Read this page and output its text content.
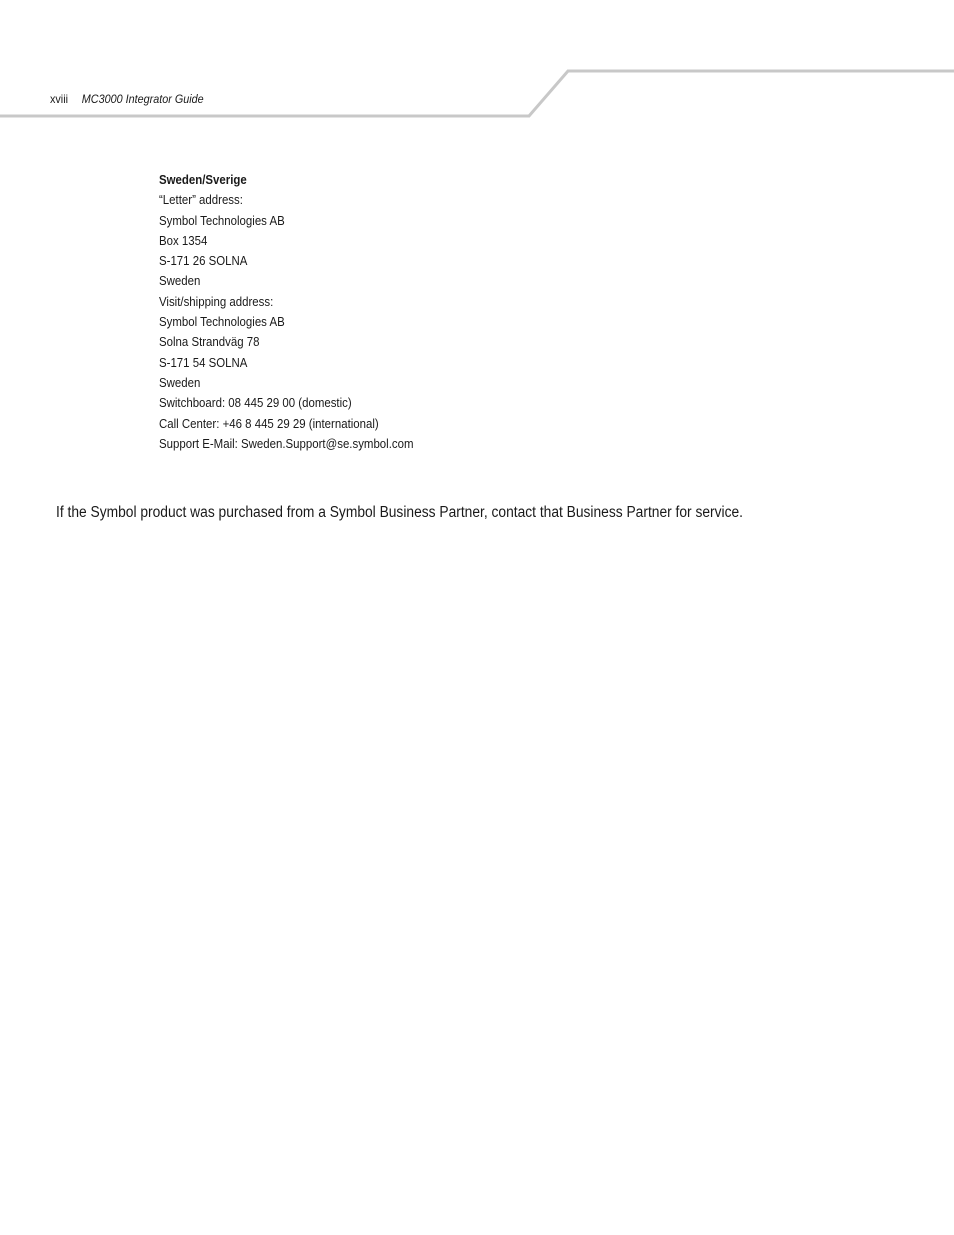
xviii MC3000 Integrator Guide
Sweden/Sverige
“Letter” address:
Symbol Technologies AB
Box 1354
S-171 26 SOLNA
Sweden
Visit/shipping address:
Symbol Technologies AB
Solna Strandväg 78
S-171 54 SOLNA
Sweden
Switchboard: 08 445 29 00 (domestic)
Call Center: +46 8 445 29 29 (international)
Support E-Mail: Sweden.Support@se.symbol.com

If the Symbol product was purchased from a Symbol Business Partner, contact that Business Partner for service.
